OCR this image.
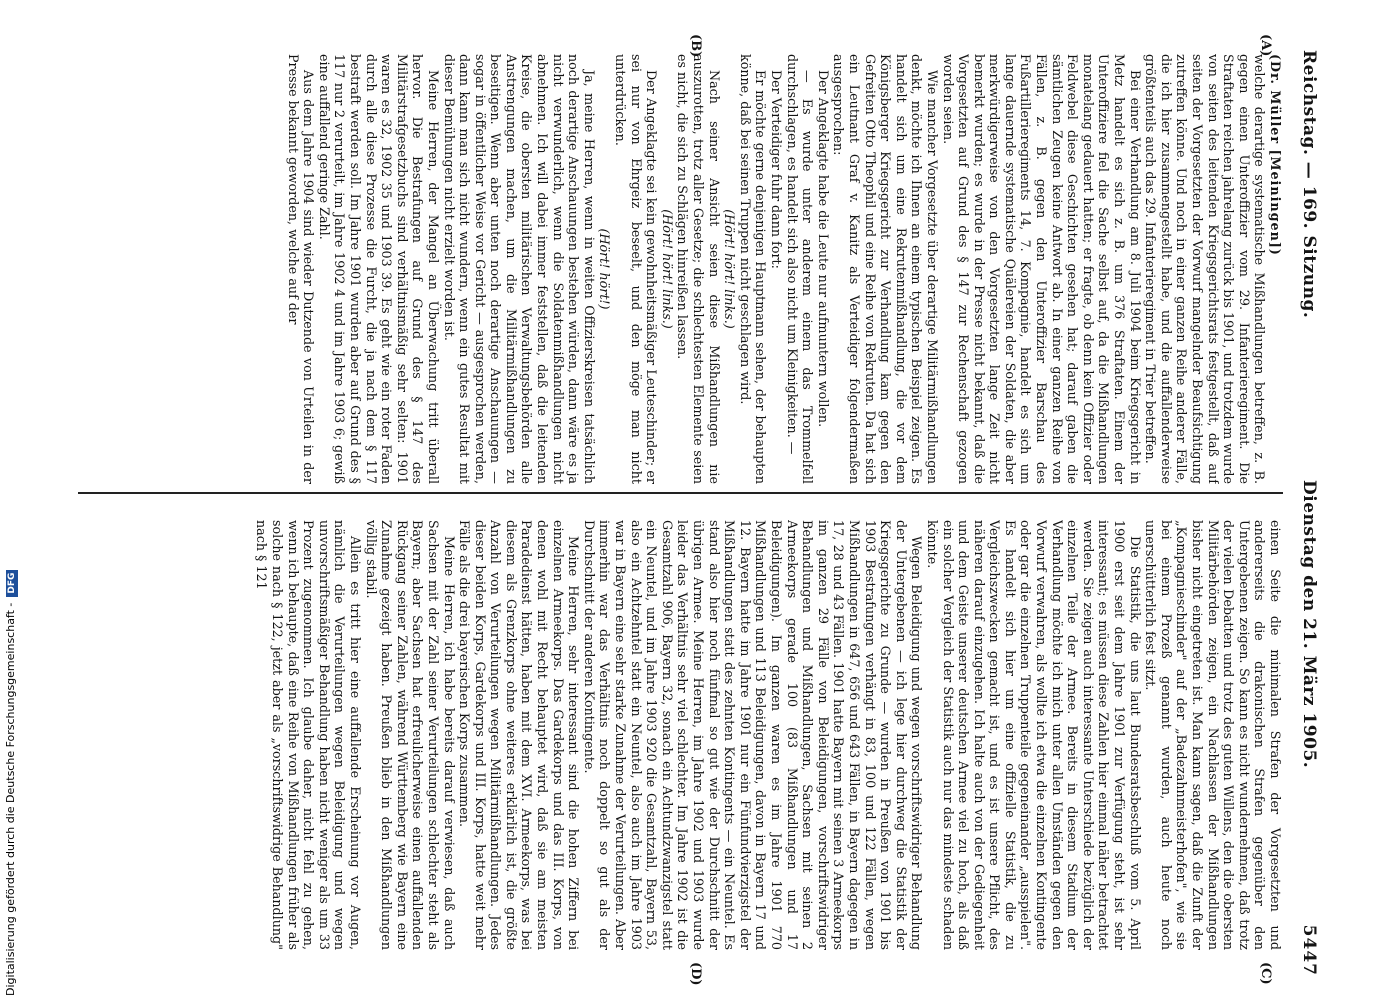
Reichstag. — 169. Sitzung.
Dienstag den 21. März 1905.
5447
(A)
(B)
(C)
(D)

(Dr. Müller [Meiningen])

welche derartige systematische Mißhandlungen betreffen, z. B. gegen einen Unteroffizier vom 29. Infanterieregiment. Die Straftaten reichen jahrelang zurück bis 1901, und trotzdem wurde von seiten des leitenden Kriegsgerichtsrats festgestellt, daß auf seiten der Vorgesetzten der Vorwurf mangelnder Beaufsichtigung zutreffen könne. Und noch in einer ganzen Reihe anderer Fälle, die ich hier zusammengestellt habe, und die auffallenderweise größtenteils auch das 29. Infanterieregiment in Trier betreffen.

Bei einer Verhandlung am 8. Juli 1904 beim Kriegsgericht in Metz handelt es sich z. B. um 376 Straftaten. Einem der Unteroffiziere fiel die Sache selbst auf, da die Mißhandlungen monatelang gedauert hatten; er fragte, ob denn kein Offizier oder Feldwebel diese Geschichten gesehen hat; darauf gaben die sämtlichen Zeugen keine Antwort ab. In einer ganzen Reihe von Fällen, z. B. gegen den Unteroffizier Barschau des Fußartillerieregiments 14, 7. Kompagnie, handelt es sich um lange dauernde systematische Quälereien der Soldaten, die aber merkwürdigerweise von den Vorgesetzten lange Zeit nicht bemerkt wurden; es wurde in der Presse nicht bekannt, daß die Vorgesetzten auf Grund des § 147 zur Rechenschaft gezogen worden seien.

Wie mancher Vorgesetzte über derartige Militärmißhandlungen denkt, möchte ich Ihnen an einem typischen Beispiel zeigen. Es handelt sich um eine Rekrutenmißhandlung, die vor dem Königsberger Kriegsgericht zur Verhandlung kam gegen den Gefreiten Otto Theophil und eine Reihe von Rekruten. Da hat sich ein Leutnant Graf v. Kanitz als Verteidiger folgendermaßen ausgesprochen:

Der Angeklagte habe die Leute nur aufmuntern wollen.

— Es wurde unter anderem einem das Trommelfell durchschlagen, es handelt sich also nicht um Kleinigkeiten. —

Der Verteidiger fuhr dann fort:

Er möchte gerne denjenigen Hauptmann sehen, der behaupten könne, daß bei seinen Truppen nicht geschlagen wird.

(Hört! hört! links.)

Nach seiner Ansicht seien diese Mißhandlungen nie auszurotten, trotz aller Gesetze; die schlechtesten Elemente seien es nicht, die sich zu Schlägen hinreißen lassen.

(Hört! hört! links.)

Der Angeklagte sei kein gewohnheitsmäßiger Leuteschinder; er sei nur von Ehrgeiz beseelt, und den möge man nicht unterdrücken.

(Hört! hört!)

Ja, meine Herren, wenn in weiten Offizierskreisen tatsächlich noch derartige Anschauungen bestehen würden, dann wäre es ja nicht verwunderlich, wenn die Soldatenmißhandlungen nicht abnehmen. Ich will dabei immer feststellen, daß die leitenden Kreise, die obersten militärischen Verwaltungsbehörden alle Anstrengungen machen, um die Militärmißhandlungen zu beseitigen. Wenn aber unten noch derartige Anschauungen — sogar in öffentlicher Weise vor Gericht — ausgesprochen werden, dann kann man sich nicht wundern, wenn ein gutes Resultat mit dieser Bemühungen nicht erzielt worden ist.

Meine Herren, der Mangel an Überwachung tritt überall hervor. Die Bestrafungen auf Grund des § 147 des Militärstrafgesetzbuchs sind verhältnismäßig sehr selten: 1901 waren es 32, 1902 35 und 1903 39. Es geht wie ein roter Faden durch alle diese Prozesse die Furcht, die ja nach dem § 117 bestraft werden soll. Im Jahre 1901 wurden aber auf Grund des § 117 nur 2 verurteilt, im Jahre 1902 4 und im Jahre 1903 6; gewiß eine auffallend geringe Zahl.

Aus dem Jahre 1904 sind wieder Dutzende von Urteilen in der Presse bekannt geworden, welche auf der

einen Seite die minimalen Strafen der Vorgesetzten und andererseits die drakonischen Strafen gegenüber den Untergebenen zeigen. So kann es nicht wundernehmen, daß trotz der vielen Debatten und trotz des guten Willens, den die obersten Militärbehörden zeigen, ein Nachlassen der Mißhandlungen bisher nicht eingetreten ist. Man kann sagen, daß die Zunft der „Kompagnieschinder" auf der „Badezahnmeisterhofen", wie sie bei einem Prozeß genannt wurden, auch heute noch unerschütterlich fest sitzt.

Die Statistik, die uns laut Bundesratsbeschluß vom 5. April 1900 erst seit dem Jahre 1901 zur Verfügung steht, ist sehr interessant; es müssen diese Zahlen hier einmal näher betrachtet werden. Sie zeigen auch interessante Unterschiede bezüglich der einzelnen Teile der Armee. Bereits in diesem Stadium der Verhandlung möchte ich mich unter allen Umständen gegen den Vorwurf verwahren, als wollte ich etwa die einzelnen Kontingente oder gar die einzelnen Truppenteile gegeneinander „ausspielen". Es handelt sich hier um eine offizielle Statistik, die zu Vergleichszwecken gemacht ist, und es ist unsere Pflicht, des näheren darauf einzugehen. Ich halte auch von der Gediegenheit und dem Geiste unserer deutschen Armee viel zu hoch, als daß ein solcher Vergleich der Statistik auch nur das mindeste schaden könnte.

Wegen Beleidigung und wegen vorschriftswidriger Behandlung der Untergebenen — ich lege hier durchweg die Statistik der Kriegsgerichte zu Grunde — wurden in Preußen von 1901 bis 1903 Bestrafungen verhängt in 83, 100 und 122 Fällen, wegen Mißhandlungen in 647, 656 und 643 Fällen, in Bayern dagegen in 17, 28 und 43 Fällen. 1901 hatte Bayern mit seinen 3 Armeekorps im ganzen 29 Fälle von Beleidigungen, vorschriftswidriger Behandlungen und Mißhandlungen, Sachsen mit seinen 2 Armeekorps gerade 100 (83 Mißhandlungen und 17 Beleidigungen). Im ganzen waren es im Jahre 1901 770 Mißhandlungen und 113 Beleidigungen, davon in Bayern 17 und 12. Bayern hatte im Jahre 1901 nur ein Fünfundvierzigstel der Mißhandlungen statt des zehnten Kontingents — ein Neuntel. Es stand also hier noch fünfmal so gut wie der Durchschnitt der übrigen Armee. Meine Herren, im Jahre 1902 und 1903 wurde leider das Verhältnis sehr viel schlechter. Im Jahre 1902 ist die Gesamtzahl 906, Bayern 32, sonach ein Achtundzwanzigstel statt ein Neuntel, und im Jahre 1903 920 die Gesamtzahl, Bayern 53, also ein Achtzehntel statt ein Neuntel, also auch im Jahre 1903 war in Bayern eine sehr starke Zunahme der Verurteilungen. Aber immerhin war das Verhältnis noch doppelt so gut als der Durchschnitt der anderen Kontingente.

Meine Herren, sehr interessant sind die hohen Ziffern bei einzelnen Armeekorps. Das Gardekorps und das III. Korps, von denen wohl mit Recht behauptet wird, daß sie am meisten Paradedienst hätten, haben mit dem XVI. Armeekorps, was bei diesem als Grenzkorps ohne weiteres erklärlich ist, die größte Anzahl von Verurteilungen wegen Militärmißhandlungen. Jedes dieser beiden Korps, Gardekorps und III. Korps, hatte weit mehr Fälle als die drei bayerischen Korps zusammen.

Meine Herren, ich habe bereits darauf verwiesen, daß auch Sachsen mit der Zahl seiner Verurteilungen schlechter steht als Bayern; aber Sachsen hat erfreulicherweise einen auffallenden Rückgang seiner Zahlen, während Württemberg wie Bayern eine Zunahme gezeigt haben. Preußen blieb in den Mißhandlungen völlig stabil.

Allein es tritt hier eine auffallende Erscheinung vor Augen, nämlich die Verurteilungen wegen Beleidigung und wegen unvorschriftsmäßiger Behandlung haben nicht weniger als um 33 Prozent zugenommen. Ich glaube daher, nicht fehl zu gehen, wenn ich behaupte, daß eine Reihe von Mißhandlungen früher als solche nach § 122, jetzt aber als „vorschriftswidrige Behandlung" nach § 121

Digitalisierung gefördert durch die Deutsche Forschungsgemeinschaft -DFG
